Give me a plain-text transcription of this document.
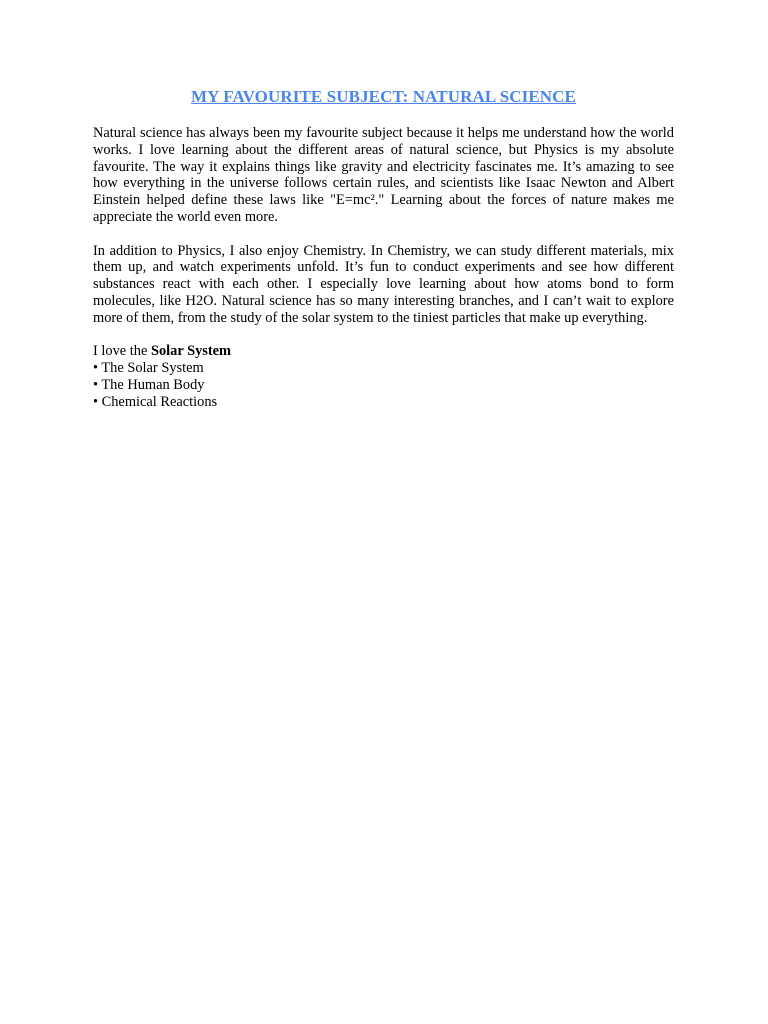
MY FAVOURITE SUBJECT: NATURAL SCIENCE

Natural science has always been my favourite subject because it helps me understand how the world works. I love learning about the different areas of natural science, but Physics is my absolute favourite. The way it explains things like gravity and electricity fascinates me. It’s amazing to see how everything in the universe follows certain rules, and scientists like Isaac Newton and Albert Einstein helped define these laws like "E=mc²." Learning about the forces of nature makes me appreciate the world even more.

In addition to Physics, I also enjoy Chemistry. In Chemistry, we can study different materials, mix them up, and watch experiments unfold. It’s fun to conduct experiments and see how different substances react with each other. I especially love learning about how atoms bond to form molecules, like H2O. Natural science has so many interesting branches, and I can’t wait to explore more of them, from the study of the solar system to the tiniest particles that make up everything.

I love the Solar System

• The Solar System
• The Human Body
• Chemical Reactions
